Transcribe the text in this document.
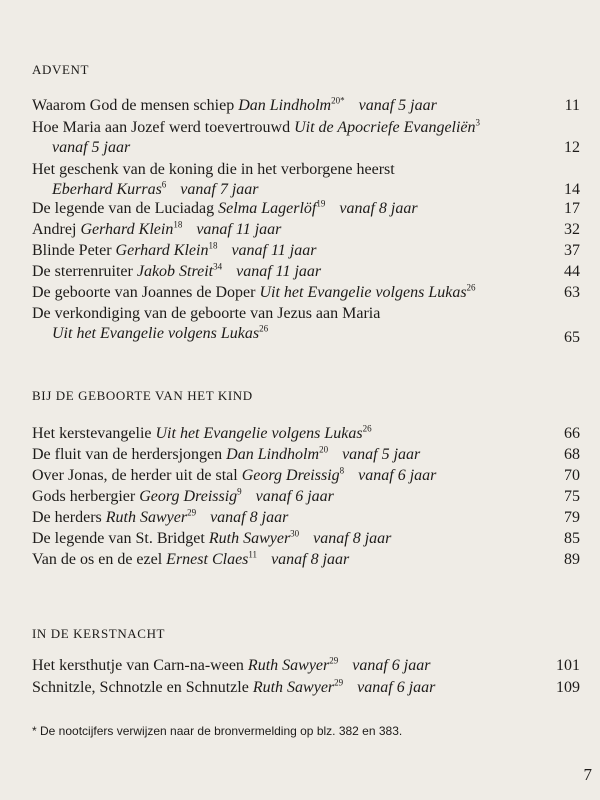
ADVENT
Waarom God de mensen schiep Dan Lindholm$^{20*}$ vanaf 5 jaar	11
Hoe Maria aan Jozef werd toevertrouwd Uit de Apocriefe Evangeliën$^3$
vanaf 5 jaar	12
Het geschenk van de koning die in het verborgene heerst
Eberhard Kurras$^6$ vanaf 7 jaar	14
De legende van de Luciadag Selma Lagerlöf$^{19}$ vanaf 8 jaar	17
Andrej Gerhard Klein$^{18}$ vanaf 11 jaar	32
Blinde Peter Gerhard Klein$^{18}$ vanaf 11 jaar	37
De sterrenruiter Jakob Streit$^{34}$ vanaf 11 jaar	44
De geboorte van Joannes de Doper Uit het Evangelie volgens Lukas$^{26}$	63
De verkondiging van de geboorte van Jezus aan Maria
Uit het Evangelie volgens Lukas$^{26}$
65
BIJ DE GEBOORTE VAN HET KIND
Het kerstevangelie Uit het Evangelie volgens Lukas$^{26}$	66
De fluit van de herdersjongen Dan Lindholm$^{20}$ vanaf 5 jaar	68
Over Jonas, de herder uit de stal Georg Dreissig$^8$ vanaf 6 jaar	70
Gods herbergier Georg Dreissig$^9$ vanaf 6 jaar	75
De herders Ruth Sawyer$^{29}$ vanaf 8 jaar	79
De legende van St. Bridget Ruth Sawyer$^{30}$ vanaf 8 jaar	85
Van de os en de ezel Ernest Claes$^{11}$ vanaf 8 jaar	89
IN DE KERSTNACHT
Het kersthutje van Carn-na-ween Ruth Sawyer$^{29}$ vanaf 6 jaar	101
Schnitzle, Schnotzle en Schnutzle Ruth Sawyer$^{29}$ vanaf 6 jaar	109
* De nootcijfers verwijzen naar de bronvermelding op blz. 382 en 383.
7
